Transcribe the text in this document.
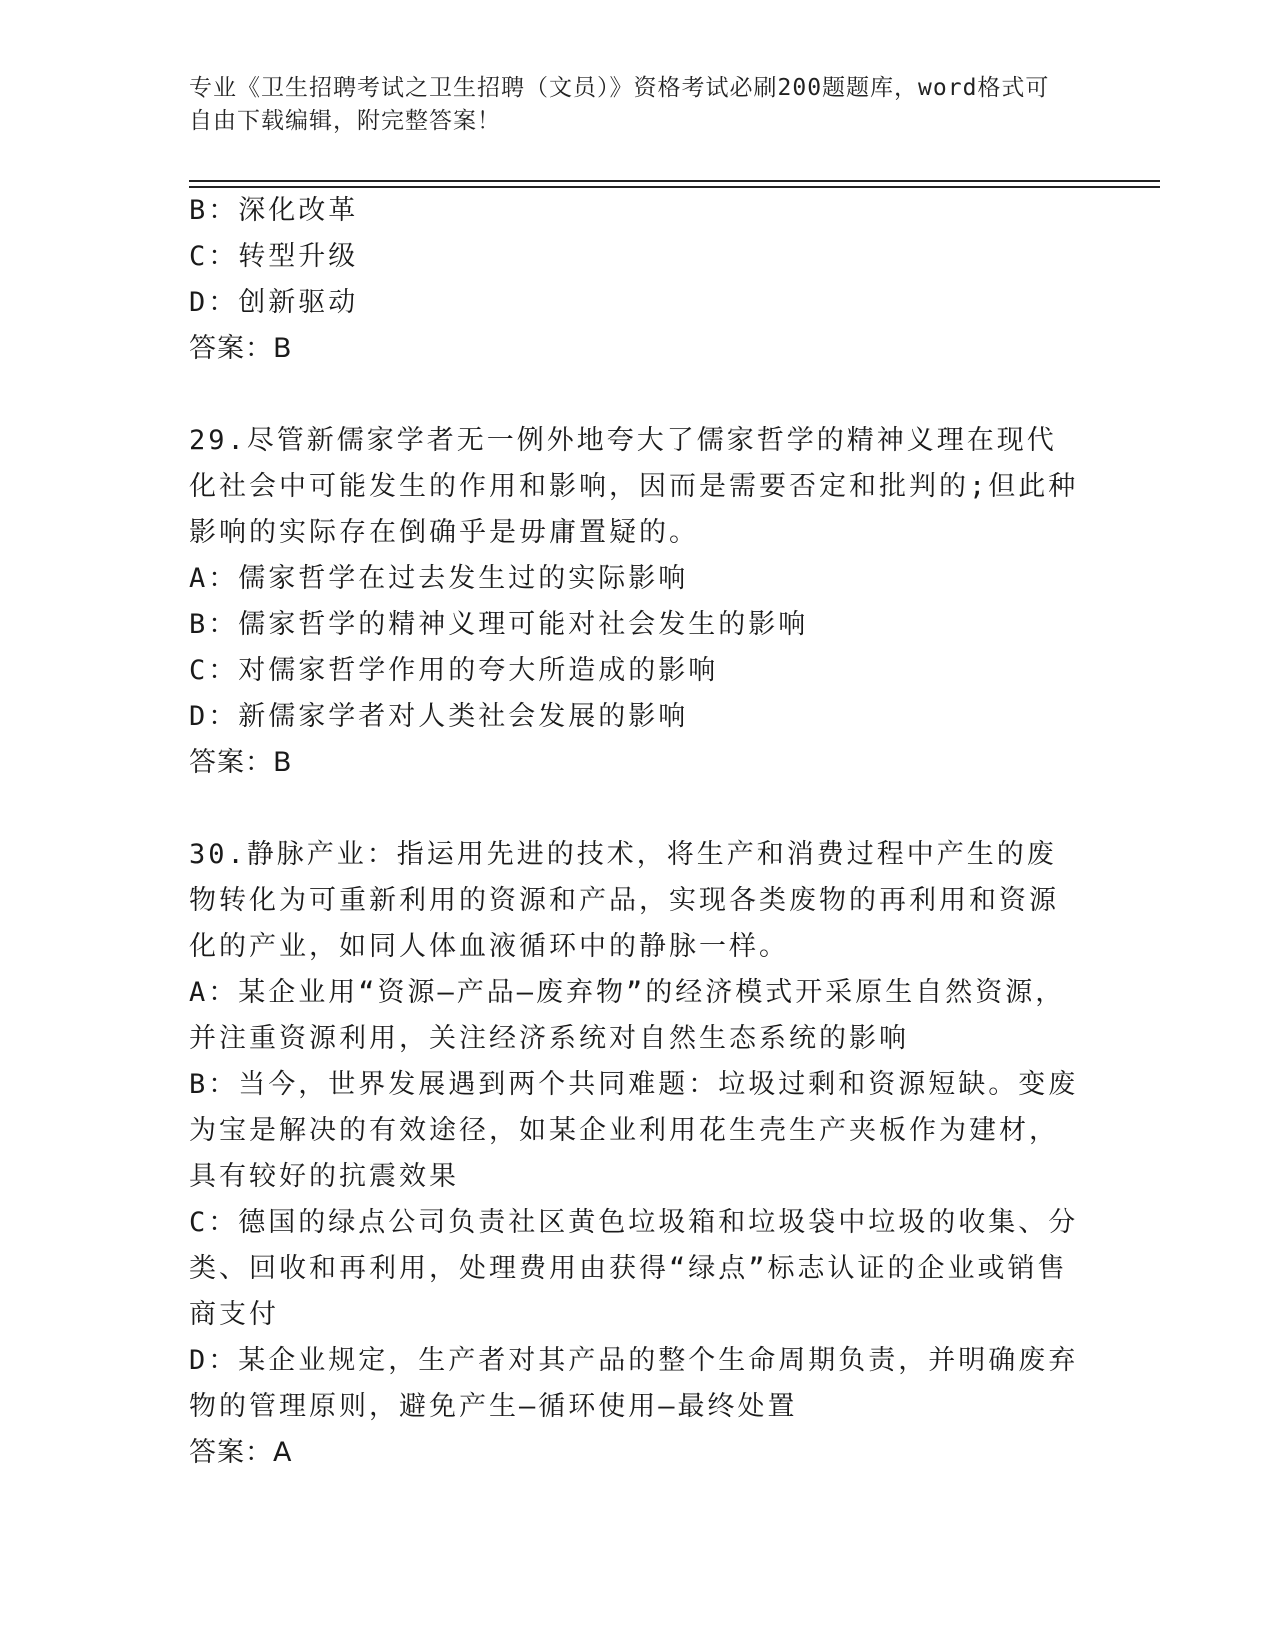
专业《卫生招聘考试之卫生招聘（文员）》资格考试必刷200题题库，word格式可自由下载编辑，附完整答案！

B：深化改革

C：转型升级

D：创新驱动

答案：B

29.尽管新儒家学者无一例外地夸大了儒家哲学的精神义理在现代化社会中可能发生的作用和影响，因而是需要否定和批判的;但此种影响的实际存在倒确乎是毋庸置疑的。

A：儒家哲学在过去发生过的实际影响

B：儒家哲学的精神义理可能对社会发生的影响

C：对儒家哲学作用的夸大所造成的影响

D：新儒家学者对人类社会发展的影响

答案：B

30.静脉产业：指运用先进的技术，将生产和消费过程中产生的废物转化为可重新利用的资源和产品，实现各类废物的再利用和资源化的产业，如同人体血液循环中的静脉一样。

A：某企业用“资源—产品—废弃物”的经济模式开采原生自然资源，并注重资源利用，关注经济系统对自然生态系统的影响

B：当今，世界发展遇到两个共同难题：垃圾过剩和资源短缺。变废为宝是解决的有效途径，如某企业利用花生壳生产夹板作为建材，具有较好的抗震效果

C：德国的绿点公司负责社区黄色垃圾箱和垃圾袋中垃圾的收集、分类、回收和再利用，处理费用由获得“绿点”标志认证的企业或销售商支付

D：某企业规定，生产者对其产品的整个生命周期负责，并明确废弃物的管理原则，避免产生—循环使用—最终处置

答案：A
